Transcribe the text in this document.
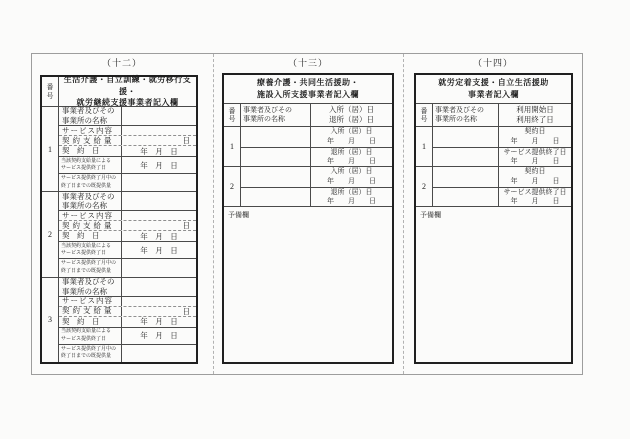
（十二）	（十三）	（十四）
番
号
生活介護・自立訓練・就労移行支援・
就労継続支援事業者記入欄
1
事業者及びその
事業所の名称
サービス内容
契約支給量	日
契　約　日	年　月　日
当該契約支給量による
サービス提供終了日	年　月　日
サービス提供終了月中の
終了日までの既提供量
2
事業者及びその
事業所の名称
サービス内容
契約支給量	日
契　約　日	年　月　日
当該契約支給量による
サービス提供終了日	年　月　日
サービス提供終了月中の
終了日までの既提供量
3
事業者及びその
事業所の名称
サービス内容
契約支給量	日
契　約　日	年　月　日
当該契約支給量による
サービス提供終了日	年　月　日
サービス提供終了月中の
終了日までの既提供量
療養介護・共同生活援助・
施設入所支援事業者記入欄
番
号
事業者及びその
事業所の名称
入所（居）日
退所（居）日
1
入所（居）日
年　　月　　日
退所（居）日
年　　月　　日
2
入所（居）日
年　　月　　日
退所（居）日
年　　月　　日
予備欄
就労定着支援・自立生活援助
事業者記入欄
番
号
事業者及びその
事業所の名称
利用開始日
利用終了日
1
契約日
年　　月　　日
サービス提供終了日
年　　月　　日
2
契約日
年　　月　　日
サービス提供終了日
年　　月　　日
予備欄
